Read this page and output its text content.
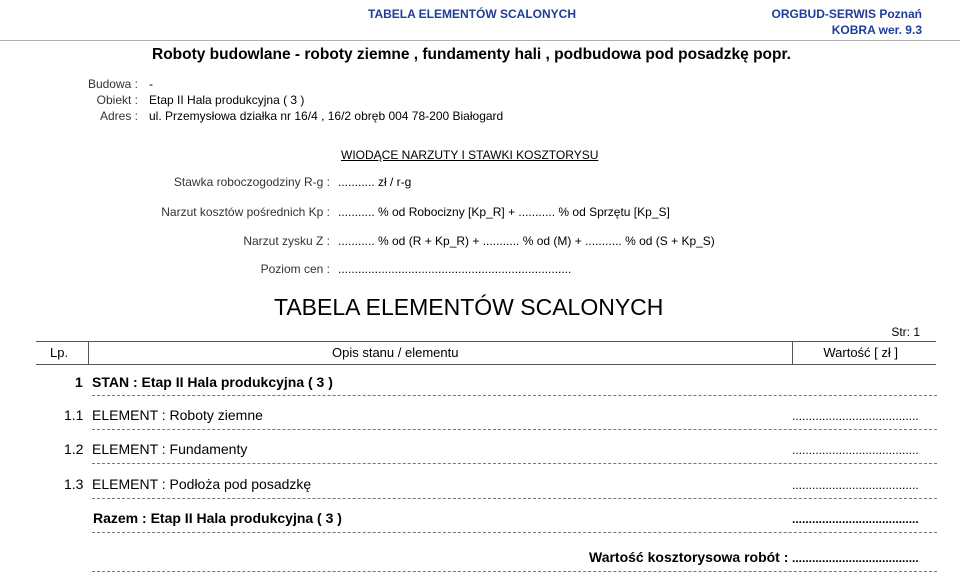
TABELA ELEMENTÓW SCALONYCH	ORGBUD-SERWIS Poznań
KOBRA wer. 9.3
Roboty budowlane - roboty ziemne , fundamenty hali , podbudowa pod posadzkę popr.
Budowa : -
Obiekt : Etap II Hala produkcyjna ( 3 )
Adres : ul. Przemysłowa działka nr 16/4 , 16/2 obręb 004 78-200 Białogard
WIODĄCE NARZUTY I STAWKI KOSZTORYSU
Stawka roboczogodziny R-g : ........... zł / r-g
Narzut kosztów pośrednich Kp : ........... % od Robocizny [Kp_R] + ........... % od Sprzętu [Kp_S]
Narzut zysku Z : ........... % od (R + Kp_R) + ........... % od (M) + ........... % od (S + Kp_S)
Poziom cen : ......................................................................
TABELA ELEMENTÓW SCALONYCH
Str: 1
Lp.	Opis stanu / elementu	Wartość [ zł ]
1 STAN : Etap II Hala produkcyjna ( 3 )
1.1 ELEMENT : Roboty ziemne	......................................
1.2 ELEMENT : Fundamenty	......................................
1.3 ELEMENT : Podłoża pod posadzkę	......................................
Razem : Etap II Hala produkcyjna ( 3 )	......................................
Wartość kosztorysowa robót : ......................................
